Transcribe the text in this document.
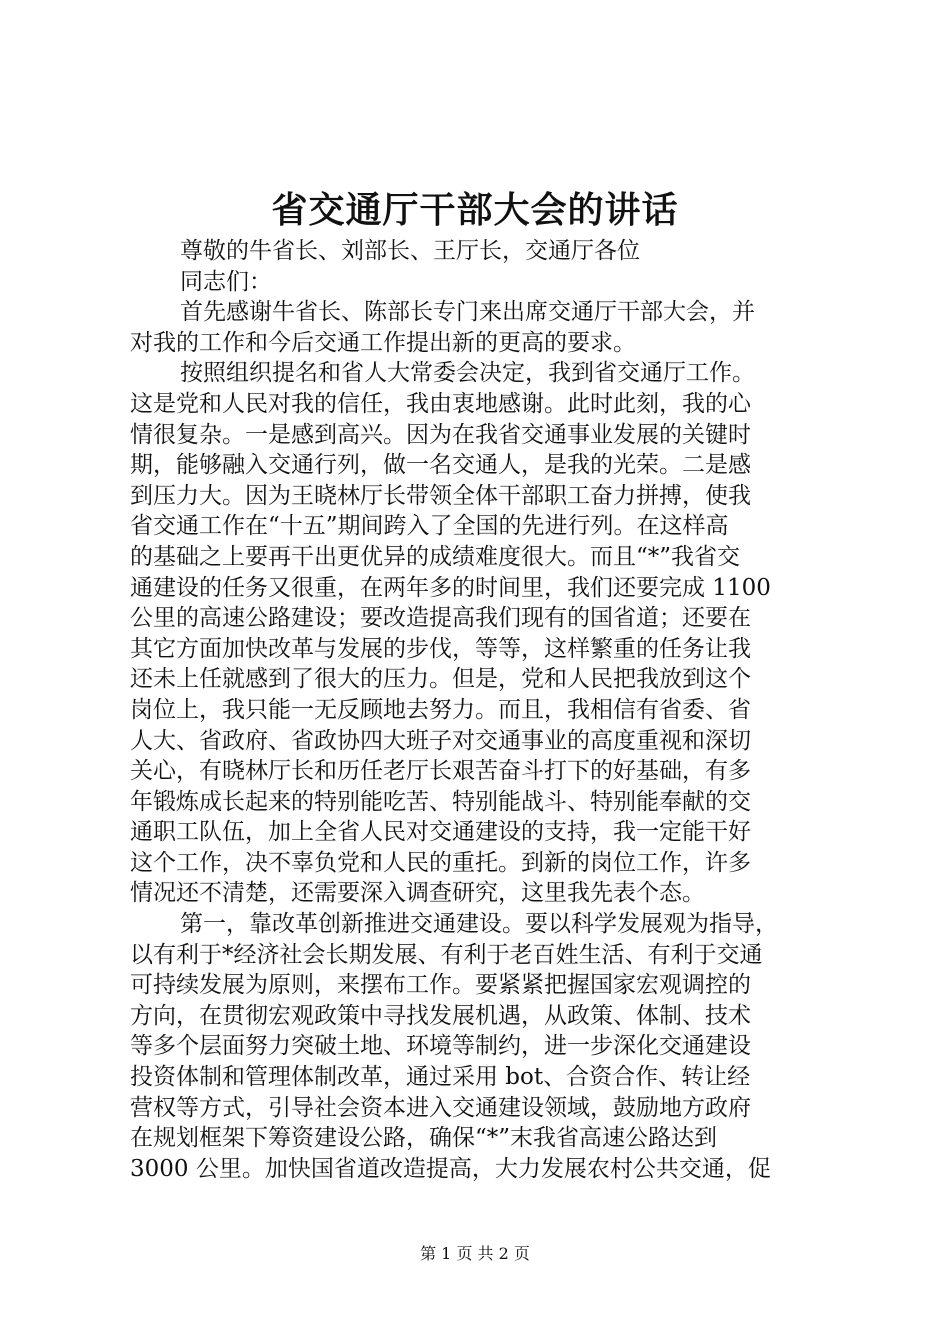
省交通厅干部大会的讲话
尊敬的牛省长、刘部长、王厅长，交通厅各位
同志们：
首先感谢牛省长、陈部长专门来出席交通厅干部大会，并
对我的工作和今后交通工作提出新的更高的要求。
按照组织提名和省人大常委会决定，我到省交通厅工作。
这是党和人民对我的信任，我由衷地感谢。此时此刻，我的心
情很复杂。一是感到高兴。因为在我省交通事业发展的关键时
期，能够融入交通行列，做一名交通人，是我的光荣。二是感
到压力大。因为王晓林厅长带领全体干部职工奋力拼搏，使我
省交通工作在“十五”期间跨入了全国的先进行列。在这样高
的基础之上要再干出更优异的成绩难度很大。而且“*”我省交
通建设的任务又很重，在两年多的时间里，我们还要完成 1100
公里的高速公路建设；要改造提高我们现有的国省道；还要在
其它方面加快改革与发展的步伐，等等，这样繁重的任务让我
还未上任就感到了很大的压力。但是，党和人民把我放到这个
岗位上，我只能一无反顾地去努力。而且，我相信有省委、省
人大、省政府、省政协四大班子对交通事业的高度重视和深切
关心，有晓林厅长和历任老厅长艰苦奋斗打下的好基础，有多
年锻炼成长起来的特别能吃苦、特别能战斗、特别能奉献的交
通职工队伍，加上全省人民对交通建设的支持，我一定能干好
这个工作，决不辜负党和人民的重托。到新的岗位工作，许多
情况还不清楚，还需要深入调查研究，这里我先表个态。
第一，靠改革创新推进交通建设。要以科学发展观为指导，
以有利于*经济社会长期发展、有利于老百姓生活、有利于交通
可持续发展为原则，来摆布工作。要紧紧把握国家宏观调控的
方向，在贯彻宏观政策中寻找发展机遇，从政策、体制、技术
等多个层面努力突破土地、环境等制约，进一步深化交通建设
投资体制和管理体制改革，通过采用 bot、合资合作、转让经
营权等方式，引导社会资本进入交通建设领域，鼓励地方政府
在规划框架下筹资建设公路，确保“*”末我省高速公路达到
3000 公里。加快国省道改造提高，大力发展农村公共交通，促
第 1 页 共 2 页
